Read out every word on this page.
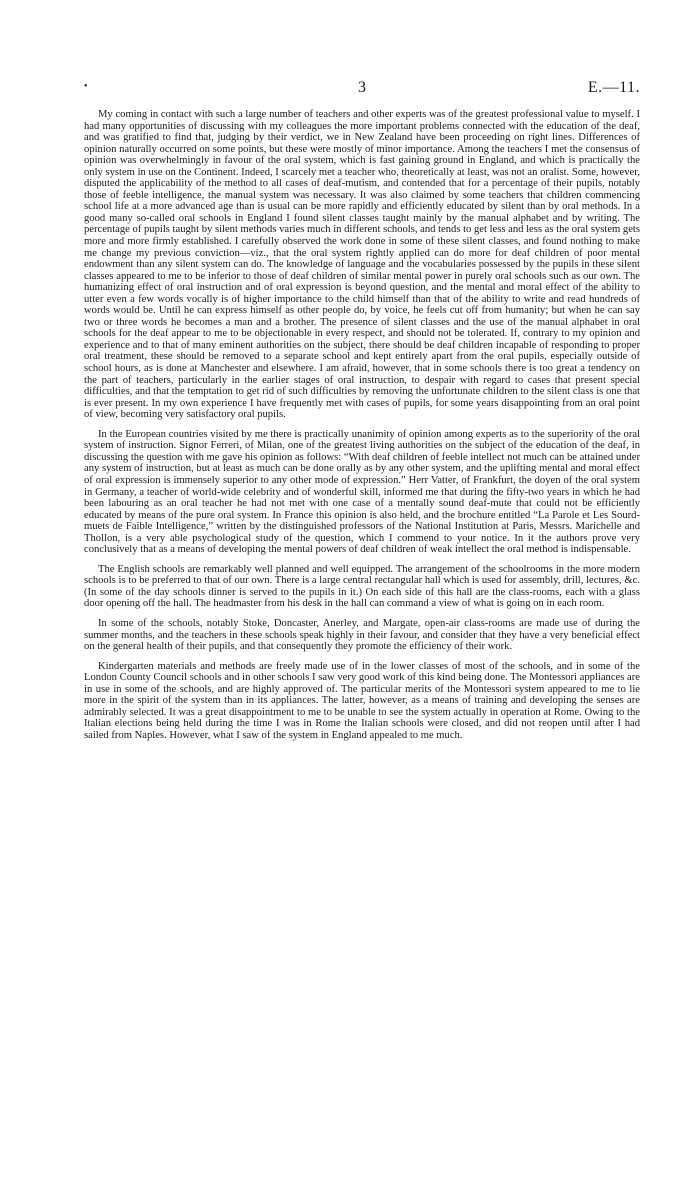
•	3	E.—11.

My coming in contact with such a large number of teachers and other experts was of the greatest professional value to myself. I had many opportunities of discussing with my colleagues the more important problems connected with the education of the deaf, and was gratified to find that, judging by their verdict, we in New Zealand have been proceeding on right lines. Differences of opinion naturally occurred on some points, but these were mostly of minor importance. Among the teachers I met the consensus of opinion was overwhelmingly in favour of the oral system, which is fast gaining ground in England, and which is practically the only system in use on the Continent. Indeed, I scarcely met a teacher who, theoretically at least, was not an oralist. Some, however, disputed the applicability of the method to all cases of deaf-mutism, and contended that for a percentage of their pupils, notably those of feeble intelligence, the manual system was necessary. It was also claimed by some teachers that children commencing school life at a more advanced age than is usual can be more rapidly and efficiently educated by silent than by oral methods. In a good many so-called oral schools in England I found silent classes taught mainly by the manual alphabet and by writing. The percentage of pupils taught by silent methods varies much in different schools, and tends to get less and less as the oral system gets more and more firmly established. I carefully observed the work done in some of these silent classes, and found nothing to make me change my previous conviction—viz., that the oral system rightly applied can do more for deaf children of poor mental endowment than any silent system can do. The knowledge of language and the vocabularies possessed by the pupils in these silent classes appeared to me to be inferior to those of deaf children of similar mental power in purely oral schools such as our own. The humanizing effect of oral instruction and of oral expression is beyond question, and the mental and moral effect of the ability to utter even a few words vocally is of higher importance to the child himself than that of the ability to write and read hundreds of words would be. Until he can express himself as other people do, by voice, he feels cut off from humanity; but when he can say two or three words he becomes a man and a brother. The presence of silent classes and the use of the manual alphabet in oral schools for the deaf appear to me to be objectionable in every respect, and should not be tolerated. If, contrary to my opinion and experience and to that of many eminent authorities on the subject, there should be deaf children incapable of responding to proper oral treatment, these should be removed to a separate school and kept entirely apart from the oral pupils, especially outside of school hours, as is done at Manchester and elsewhere. I am afraid, however, that in some schools there is too great a tendency on the part of teachers, particularly in the earlier stages of oral instruction, to despair with regard to cases that present special difficulties, and that the temptation to get rid of such difficulties by removing the unfortunate children to the silent class is one that is ever present. In my own experience I have frequently met with cases of pupils, for some years disappointing from an oral point of view, becoming very satisfactory oral pupils.

In the European countries visited by me there is practically unanimity of opinion among experts as to the superiority of the oral system of instruction. Signor Ferreri, of Milan, one of the greatest living authorities on the subject of the education of the deaf, in discussing the question with me gave his opinion as follows: “With deaf children of feeble intellect not much can be attained under any system of instruction, but at least as much can be done orally as by any other system, and the uplifting mental and moral effect of oral expression is immensely superior to any other mode of expression.” Herr Vatter, of Frankfurt, the doyen of the oral system in Germany, a teacher of world-wide celebrity and of wonderful skill, informed me that during the fifty-two years in which he had been labouring as an oral teacher he had not met with one case of a mentally sound deaf-mute that could not be efficiently educated by means of the pure oral system. In France this opinion is also held, and the brochure entitled “La Parole et Les Sourd-muets de Faible Intelligence,” written by the distinguished professors of the National Institution at Paris, Messrs. Marichelle and Thollon, is a very able psychological study of the question, which I commend to your notice. In it the authors prove very conclusively that as a means of developing the mental powers of deaf children of weak intellect the oral method is indispensable.

The English schools are remarkably well planned and well equipped. The arrangement of the schoolrooms in the more modern schools is to be preferred to that of our own. There is a large central rectangular hall which is used for assembly, drill, lectures, &c. (In some of the day schools dinner is served to the pupils in it.) On each side of this hall are the class-rooms, each with a glass door opening off the hall. The headmaster from his desk in the hall can command a view of what is going on in each room.

In some of the schools, notably Stoke, Doncaster, Anerley, and Margate, open-air class-rooms are made use of during the summer months, and the teachers in these schools speak highly in their favour, and consider that they have a very beneficial effect on the general health of their pupils, and that consequently they promote the efficiency of their work.

Kindergarten materials and methods are freely made use of in the lower classes of most of the schools, and in some of the London County Council schools and in other schools I saw very good work of this kind being done. The Montessori appliances are in use in some of the schools, and are highly approved of. The particular merits of the Montessori system appeared to me to lie more in the spirit of the system than in its appliances. The latter, however, as a means of training and developing the senses are admirably selected. It was a great disappointment to me to be unable to see the system actually in operation at Rome. Owing to the Italian elections being held during the time I was in Rome the Italian schools were closed, and did not reopen until after I had sailed from Naples. However, what I saw of the system in England appealed to me much.
